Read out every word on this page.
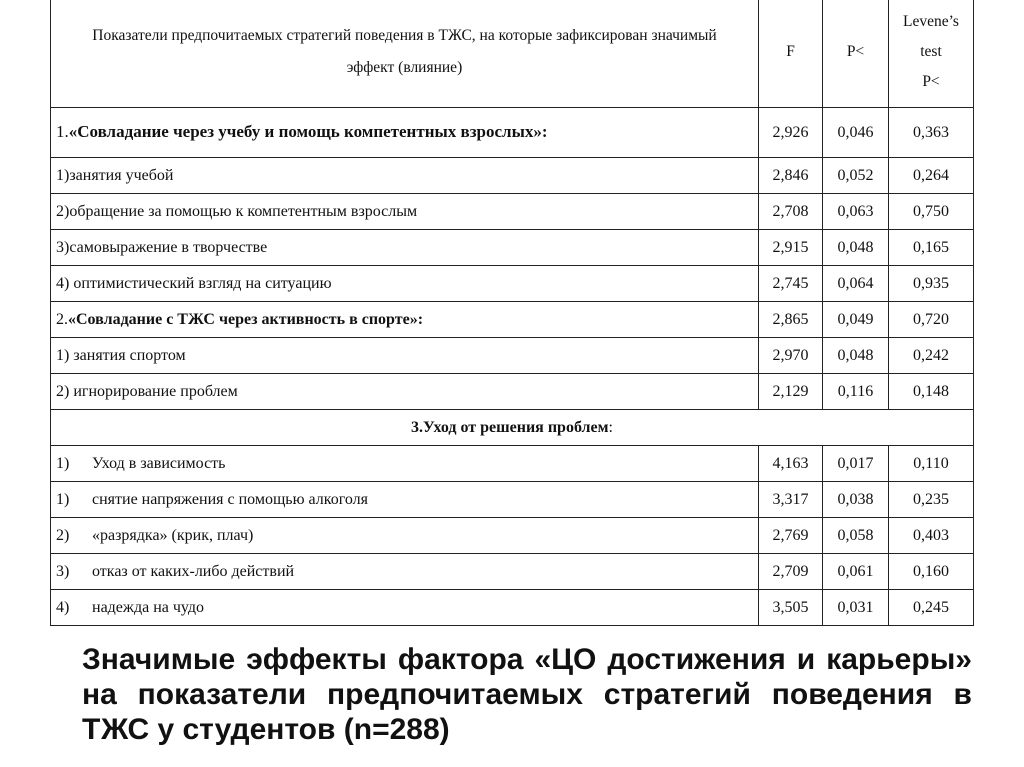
Показатели предпочитаемых стратегий поведения в ТЖС, на которые зафиксирован значимый эффект (влияние)	F	P<	Levene’s
test
P<
1.«Совладание через учебу и помощь компетентных взрослых»:	2,926	0,046	0,363
1)занятия учебой	2,846	0,052	0,264
2)обращение за помощью к компетентным взрослым	2,708	0,063	0,750
3)самовыражение в творчестве	2,915	0,048	0,165
4) оптимистический взгляд на ситуацию	2,745	0,064	0,935
2.«Совладание с ТЖС через активность в спорте»:	2,865	0,049	0,720
1) занятия спортом	2,970	0,048	0,242
2) игнорирование проблем	2,129	0,116	0,148
3.Уход от решения проблем:			
1) Уход в зависимость	4,163	0,017	0,110
1) снятие напряжения с помощью алкоголя	3,317	0,038	0,235
2) «разрядка» (крик, плач)	2,769	0,058	0,403
3) отказ от каких-либо действий	2,709	0,061	0,160
4) надежда на чудо	3,505	0,031	0,245
Значимые эффекты фактора «ЦО достижения и карьеры» на показатели предпочитаемых стратегий поведения в ТЖС у студентов (n=288)
